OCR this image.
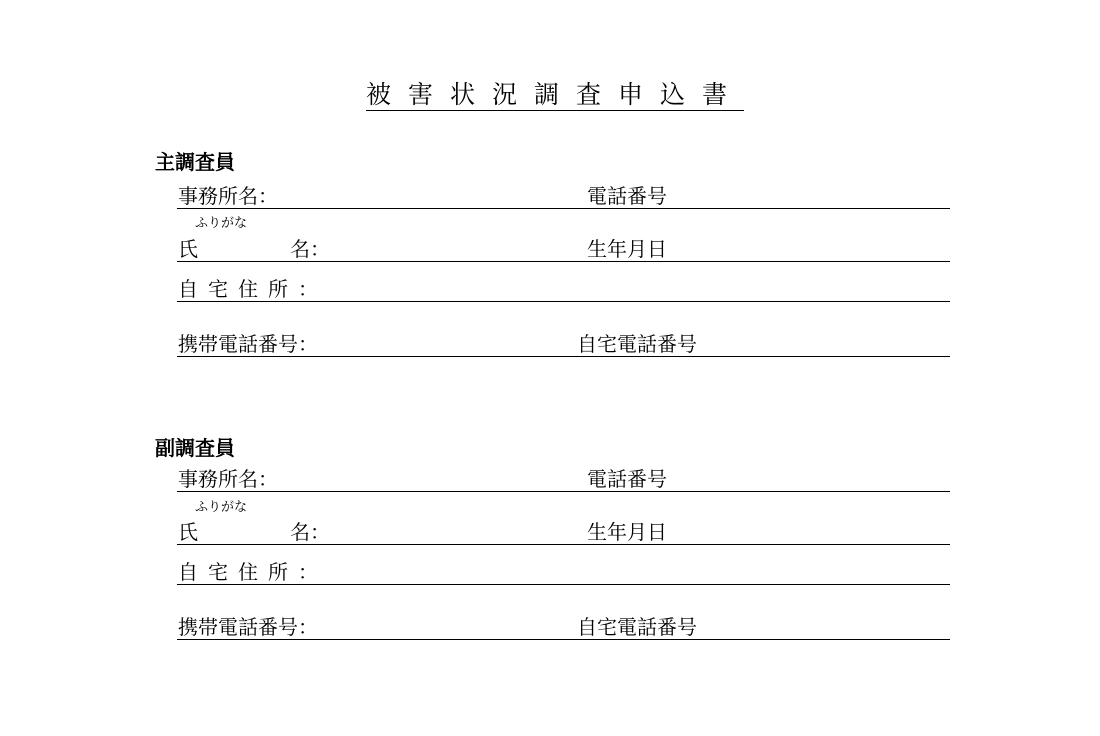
被害状況調査申込書
主調査員
事務所名：	電話番号
ふりがな
氏	名：	生年月日
自宅住所：
携帯電話番号：	自宅電話番号
副調査員
事務所名：	電話番号
ふりがな
氏	名：	生年月日
自宅住所：
携帯電話番号：	自宅電話番号
